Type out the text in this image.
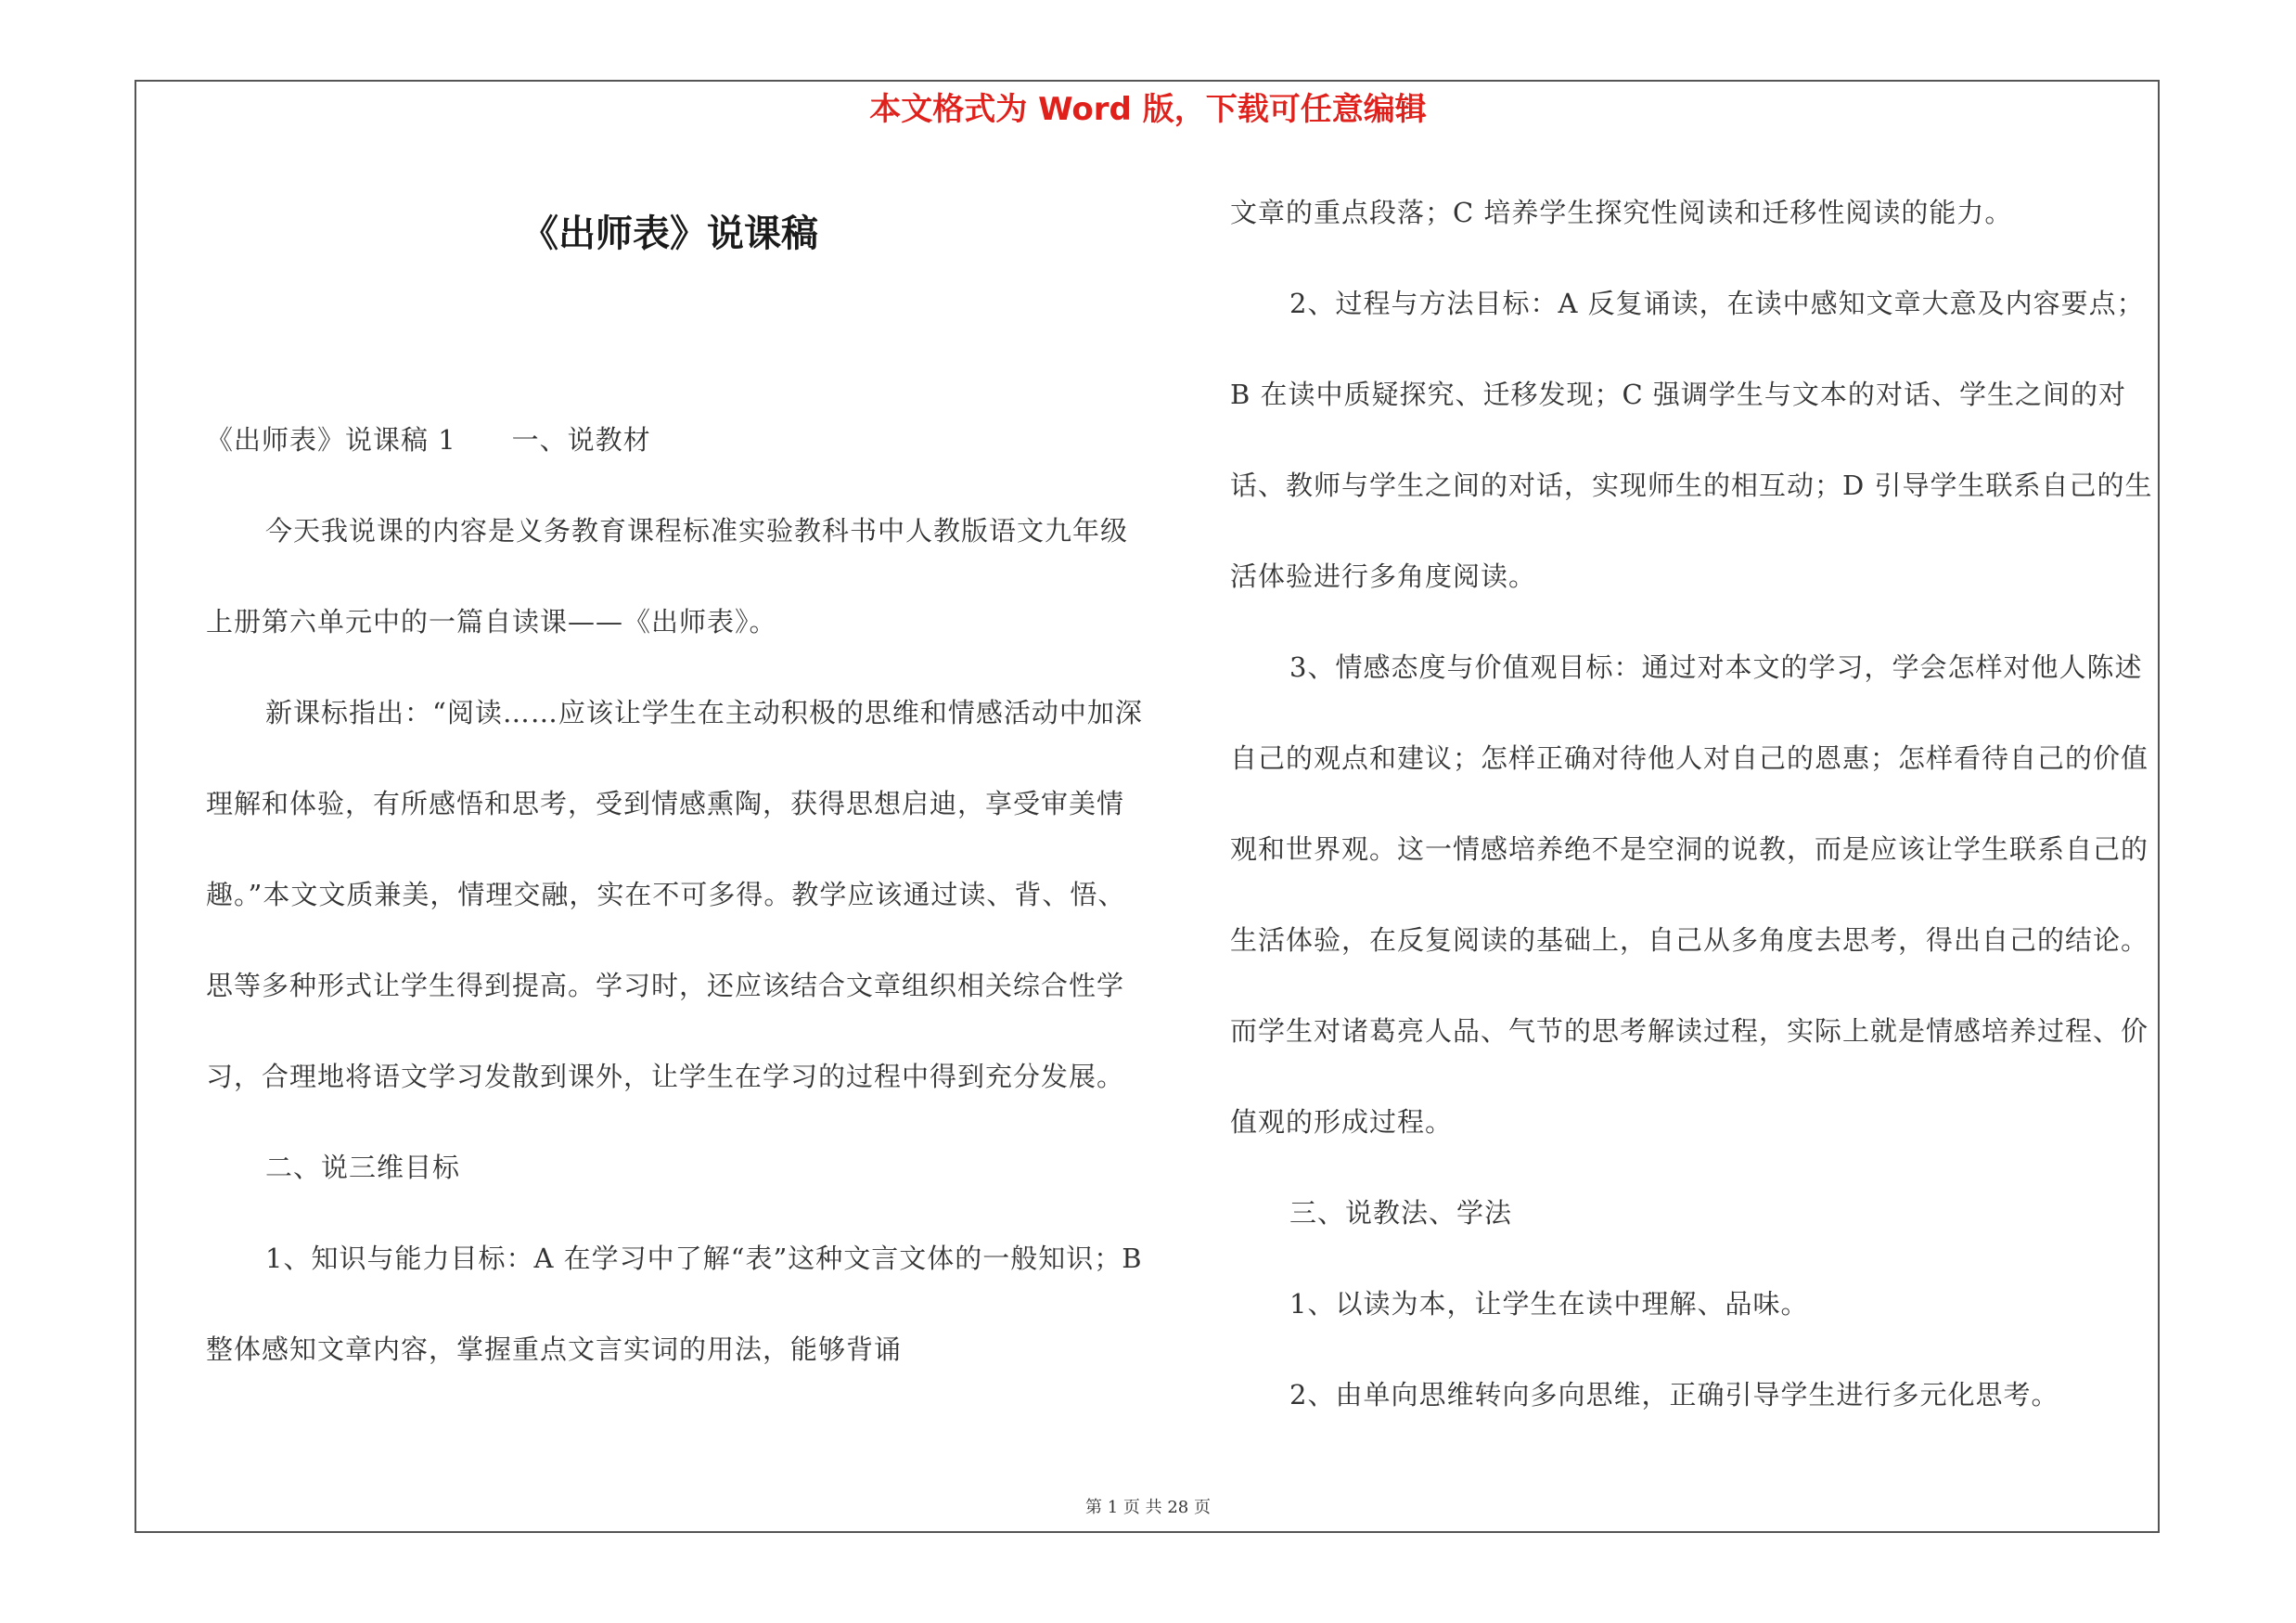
本文格式为 Word 版，下载可任意编辑
《出师表》说课稿

《出师表》说课稿 1　　一、说教材

今天我说课的内容是义务教育课程标准实验教科书中人教版语文九年级上册第六单元中的一篇自读课——《出师表》。

新课标指出：“阅读……应该让学生在主动积极的思维和情感活动中加深理解和体验，有所感悟和思考，受到情感熏陶，获得思想启迪，享受审美情趣。”本文文质兼美，情理交融，实在不可多得。教学应该通过读、背、悟、思等多种形式让学生得到提高。学习时，还应该结合文章组织相关综合性学习，合理地将语文学习发散到课外，让学生在学习的过程中得到充分发展。

二、说三维目标

1、知识与能力目标：A 在学习中了解“表”这种文言文体的一般知识；B 整体感知文章内容，掌握重点文言实词的用法，能够背诵

文章的重点段落；C 培养学生探究性阅读和迁移性阅读的能力。

2、过程与方法目标：A 反复诵读，在读中感知文章大意及内容要点；B 在读中质疑探究、迁移发现；C 强调学生与文本的对话、学生之间的对话、教师与学生之间的对话，实现师生的相互动；D 引导学生联系自己的生活体验进行多角度阅读。

3、情感态度与价值观目标：通过对本文的学习，学会怎样对他人陈述自己的观点和建议；怎样正确对待他人对自己的恩惠；怎样看待自己的价值观和世界观。这一情感培养绝不是空洞的说教，而是应该让学生联系自己的生活体验，在反复阅读的基础上，自己从多角度去思考，得出自己的结论。而学生对诸葛亮人品、气节的思考解读过程，实际上就是情感培养过程、价值观的形成过程。

三、说教法、学法

1、以读为本，让学生在读中理解、品味。

2、由单向思维转向多向思维，正确引导学生进行多元化思考。

第 1 页 共 28 页
